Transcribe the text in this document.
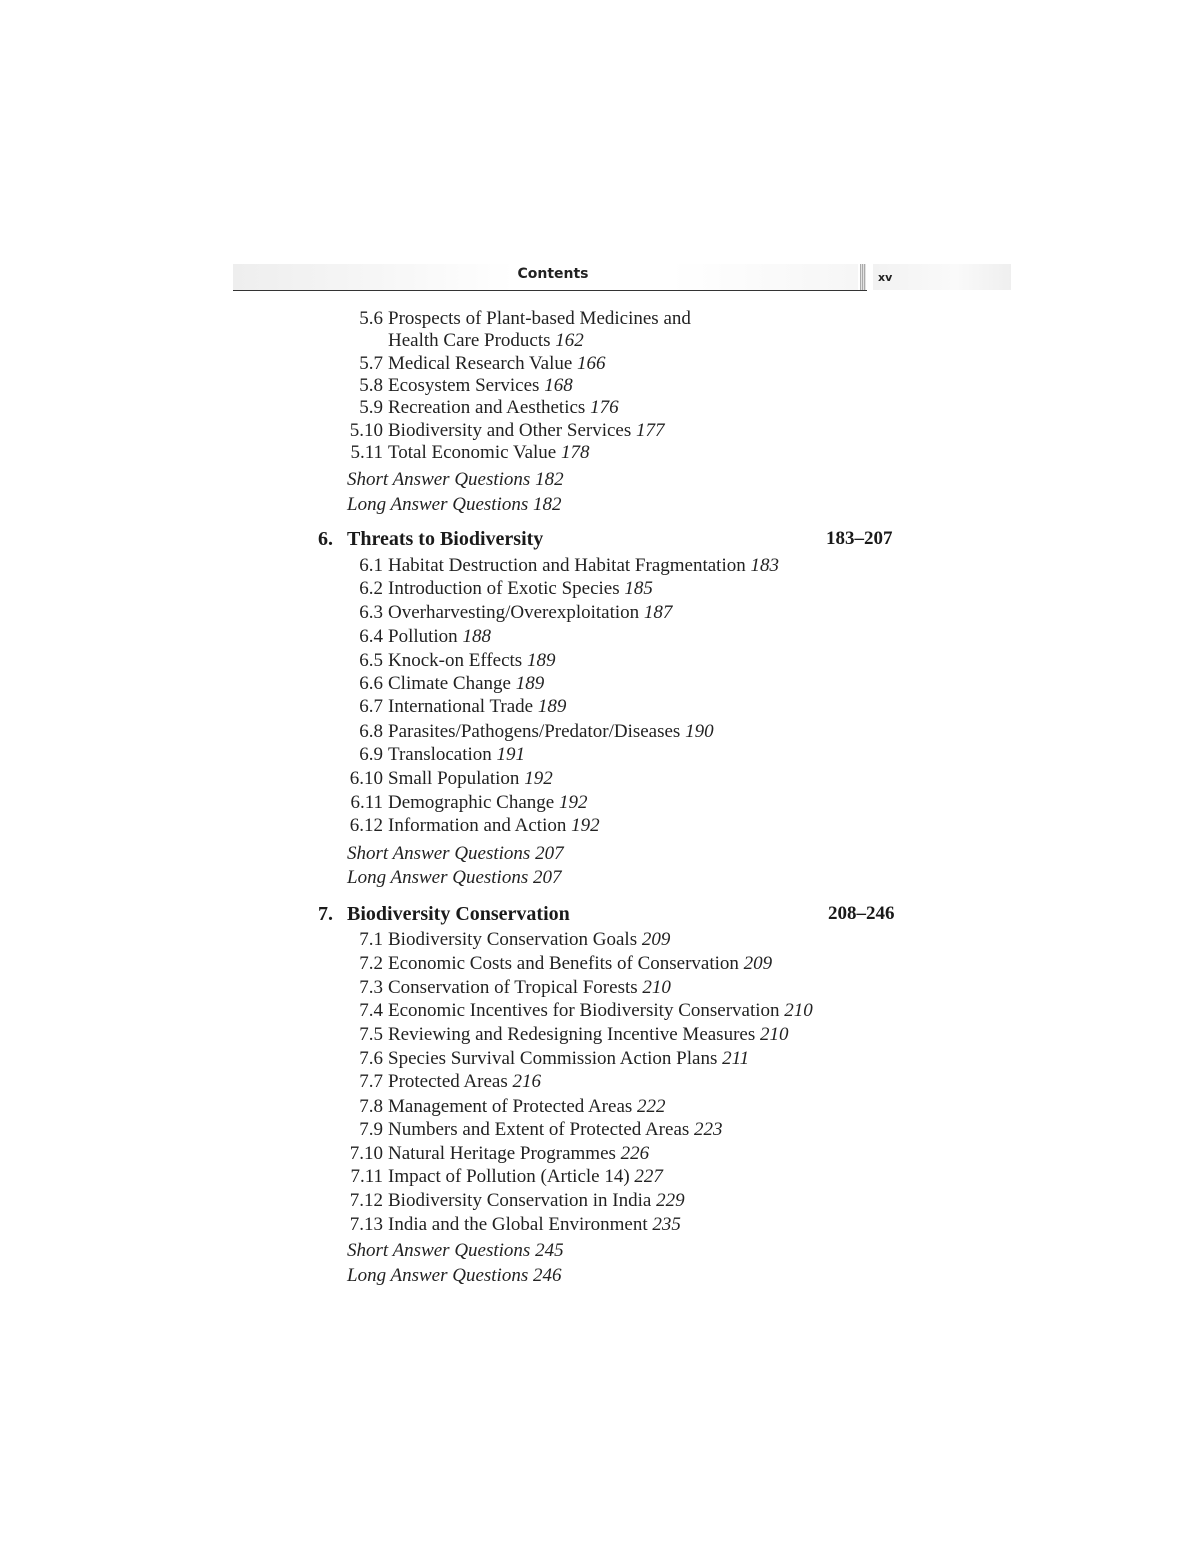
Contents	xv
5.6 Prospects of Plant-based Medicines and
Health Care Products 162
5.7 Medical Research Value 166
5.8 Ecosystem Services 168
5.9 Recreation and Aesthetics 176
5.10 Biodiversity and Other Services 177
5.11 Total Economic Value 178
Short Answer Questions 182
Long Answer Questions 182
6. Threats to Biodiversity	183–207
6.1 Habitat Destruction and Habitat Fragmentation 183
6.2 Introduction of Exotic Species 185
6.3 Overharvesting/Overexploitation 187
6.4 Pollution 188
6.5 Knock-on Effects 189
6.6 Climate Change 189
6.7 International Trade 189
6.8 Parasites/Pathogens/Predator/Diseases 190
6.9 Translocation 191
6.10 Small Population 192
6.11 Demographic Change 192
6.12 Information and Action 192
Short Answer Questions 207
Long Answer Questions 207
7. Biodiversity Conservation	208–246
7.1 Biodiversity Conservation Goals 209
7.2 Economic Costs and Benefits of Conservation 209
7.3 Conservation of Tropical Forests 210
7.4 Economic Incentives for Biodiversity Conservation 210
7.5 Reviewing and Redesigning Incentive Measures 210
7.6 Species Survival Commission Action Plans 211
7.7 Protected Areas 216
7.8 Management of Protected Areas 222
7.9 Numbers and Extent of Protected Areas 223
7.10 Natural Heritage Programmes 226
7.11 Impact of Pollution (Article 14) 227
7.12 Biodiversity Conservation in India 229
7.13 India and the Global Environment 235
Short Answer Questions 245
Long Answer Questions 246
